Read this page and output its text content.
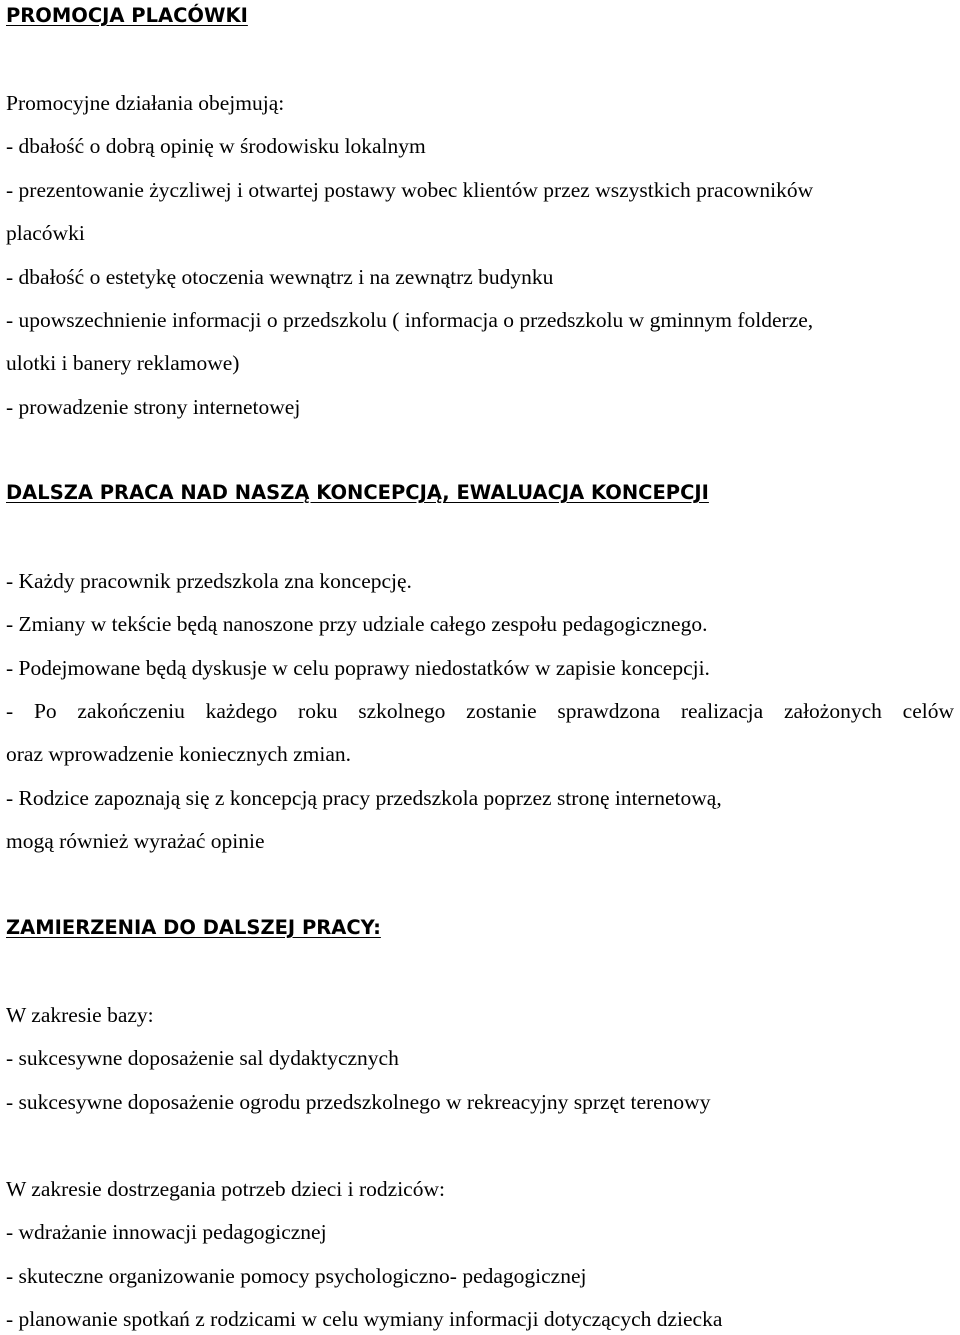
PROMOCJA PLACÓWKI

Promocyjne działania obejmują:

- dbałość o dobrą opinię w środowisku lokalnym

- prezentowanie życzliwej i otwartej postawy wobec klientów przez wszystkich pracowników

placówki

- dbałość o estetykę otoczenia wewnątrz i na zewnątrz budynku

- upowszechnienie informacji o przedszkolu ( informacja o przedszkolu w gminnym folderze,

ulotki i banery reklamowe)

- prowadzenie strony internetowej

DALSZA PRACA NAD NASZĄ KONCEPCJĄ, EWALUACJA KONCEPCJI

- Każdy pracownik przedszkola zna koncepcję.

- Zmiany w tekście będą nanoszone przy udziale całego zespołu pedagogicznego.

- Podejmowane będą dyskusje w celu poprawy niedostatków w zapisie koncepcji.

- Po zakończeniu każdego roku szkolnego zostanie sprawdzona realizacja założonych celów

oraz wprowadzenie koniecznych zmian.

- Rodzice zapoznają się z koncepcją pracy przedszkola poprzez stronę internetową,

mogą również wyrażać opinie

ZAMIERZENIA DO DALSZEJ PRACY:

W zakresie bazy:

- sukcesywne doposażenie sal dydaktycznych

- sukcesywne doposażenie ogrodu przedszkolnego w rekreacyjny sprzęt terenowy

W zakresie dostrzegania potrzeb dzieci i rodziców:

- wdrażanie innowacji pedagogicznej

- skuteczne organizowanie pomocy psychologiczno- pedagogicznej

- planowanie spotkań z rodzicami w celu wymiany informacji dotyczących dziecka
